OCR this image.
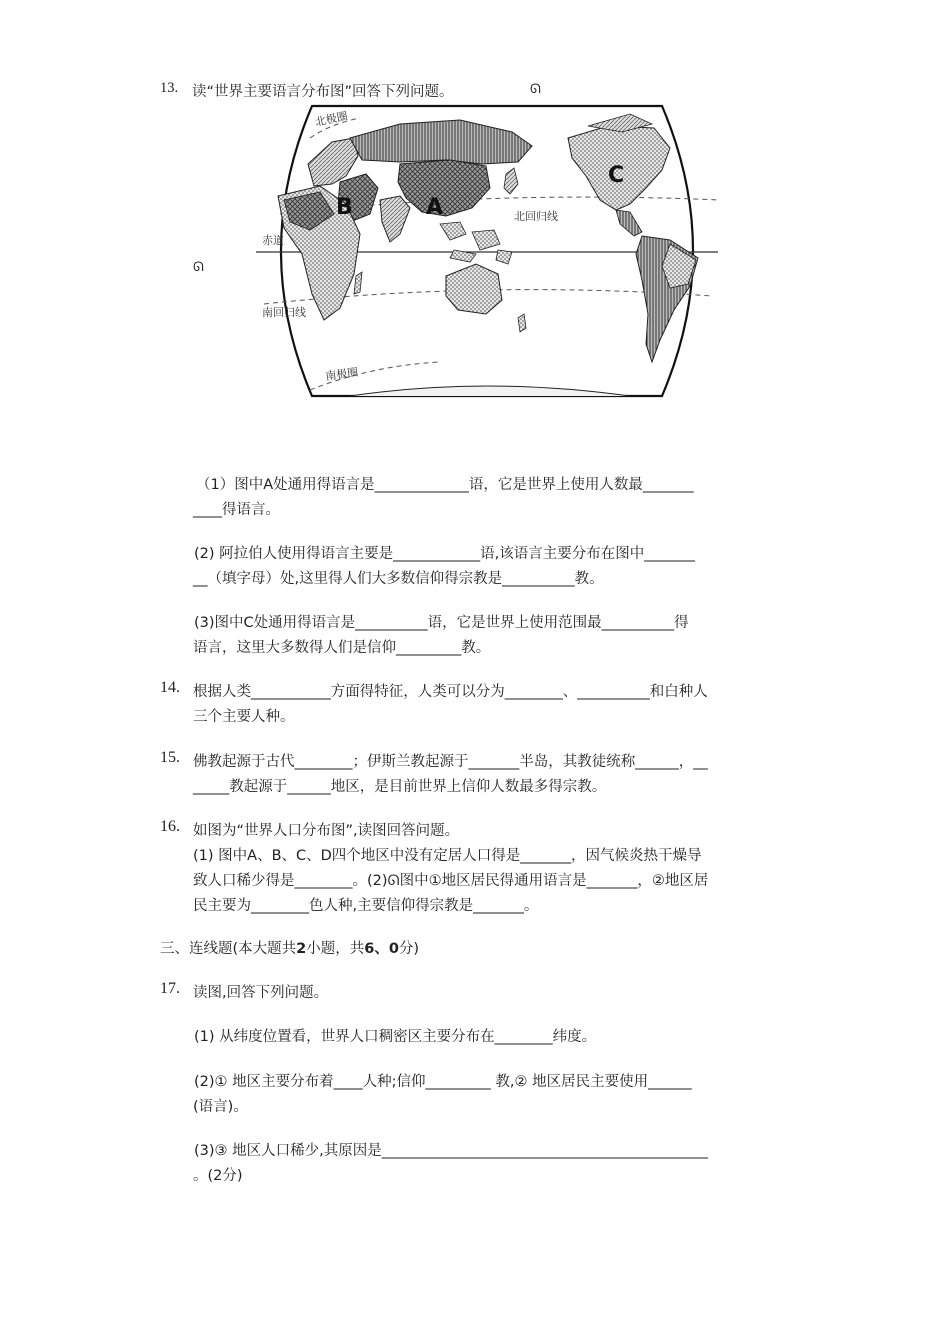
13. 读“世界主要语言分布图”回答下列问题。	ᘏ
ᘏ
北极圈
北回归线
赤道
南回归线
南极圈
A
B
C
（1）图中A处通用得语言是_____________语，它是世界上使用人数最_______
____得语言。
(2) 阿拉伯人使用得语言主要是____________语,该语言主要分布在图中_______
__（填字母）处,这里得人们大多数信仰得宗教是__________教。
(3)图中C处通用得语言是__________语，它是世界上使用范围最__________得
语言，这里大多数得人们是信仰_________教。
14. 根据人类___________方面得特征，人类可以分为________、__________和白种人
三个主要人种。
15. 佛教起源于古代________；伊斯兰教起源于_______半岛，其教徒统称______，__
_____教起源于______地区，是目前世界上信仰人数最多得宗教。
16. 如图为“世界人口分布图”,读图回答问题。
(1) 图中A、B、C、D四个地区中没有定居人口得是_______，因气候炎热干燥导
致人口稀少得是________。(2)ᘏ图中①地区居民得通用语言是_______，②地区居
民主要为________色人种,主要信仰得宗教是_______。
三、连线题(本大题共2小题，共6、0分)
17. 读图,回答下列问题。
(1) 从纬度位置看，世界人口稠密区主要分布在________纬度。
(2)① 地区主要分布着____人种;信仰_________ 教,② 地区居民主要使用______
(语言)。
(3)③ 地区人口稀少,其原因是_____________________________________________
。(2分)
